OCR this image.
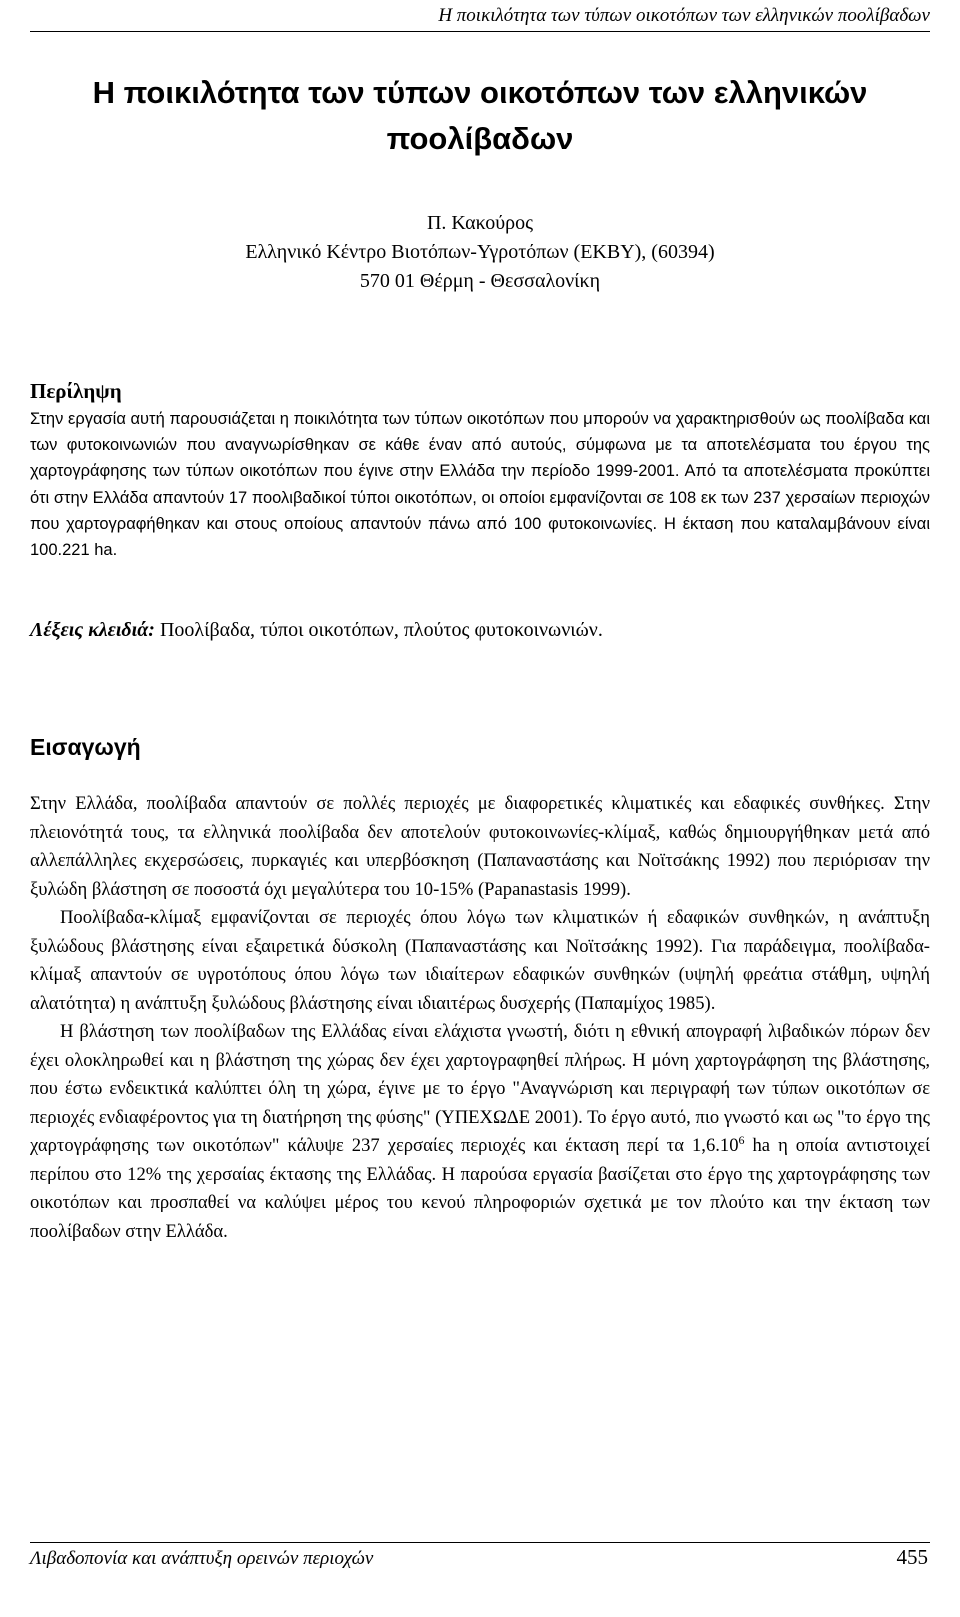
Η ποικιλότητα των τύπων οικοτόπων των ελληνικών ποολίβαδων
Η ποικιλότητα των τύπων οικοτόπων των ελληνικών ποολίβαδων
Π. Κακούρος
Ελληνικό Κέντρο Βιοτόπων-Υγροτόπων (ΕΚΒΥ), (60394)
570 01 Θέρμη - Θεσσαλονίκη
Περίληψη

Στην εργασία αυτή παρουσιάζεται η ποικιλότητα των τύπων οικοτόπων που μπορούν να χαρακτηρισθούν ως ποολίβαδα και των φυτοκοινωνιών που αναγνωρίσθηκαν σε κάθε έναν από αυτούς, σύμφωνα με τα αποτελέσματα του έργου της χαρτογράφησης των τύπων οικοτόπων που έγινε στην Ελλάδα την περίοδο 1999-2001. Από τα αποτελέσματα προκύπτει ότι στην Ελλάδα απαντούν 17 ποολιβαδικοί τύποι οικοτόπων, οι οποίοι εμφανίζονται σε 108 εκ των 237 χερσαίων περιοχών που χαρτογραφήθηκαν και στους οποίους απαντούν πάνω από 100 φυτοκοινωνίες. Η έκταση που καταλαμβάνουν είναι 100.221 ha.

Λέξεις κλειδιά: Ποολίβαδα, τύποι οικοτόπων, πλούτος φυτοκοινωνιών.

Εισαγωγή

Στην Ελλάδα, ποολίβαδα απαντούν σε πολλές περιοχές με διαφορετικές κλιματικές και εδαφικές συνθήκες. Στην πλειονότητά τους, τα ελληνικά ποολίβαδα δεν αποτελούν φυτοκοινωνίες-κλίμαξ, καθώς δημιουργήθηκαν μετά από αλλεπάλληλες εκχερσώσεις, πυρκαγιές και υπερβόσκηση (Παπαναστάσης και Νοϊτσάκης 1992) που περιόρισαν την ξυλώδη βλάστηση σε ποσοστά όχι μεγαλύτερα του 10-15% (Papanastasis 1999).

Ποολίβαδα-κλίμαξ εμφανίζονται σε περιοχές όπου λόγω των κλιματικών ή εδαφικών συνθηκών, η ανάπτυξη ξυλώδους βλάστησης είναι εξαιρετικά δύσκολη (Παπαναστάσης και Νοϊτσάκης 1992). Για παράδειγμα, ποολίβαδα-κλίμαξ απαντούν σε υγροτόπους όπου λόγω των ιδιαίτερων εδαφικών συνθηκών (υψηλή φρεάτια στάθμη, υψηλή αλατότητα) η ανάπτυξη ξυλώδους βλάστησης είναι ιδιαιτέρως δυσχερής (Παπαμίχος 1985).

Η βλάστηση των ποολίβαδων της Ελλάδας είναι ελάχιστα γνωστή, διότι η εθνική απογραφή λιβαδικών πόρων δεν έχει ολοκληρωθεί και η βλάστηση της χώρας δεν έχει χαρτογραφηθεί πλήρως. Η μόνη χαρτογράφηση της βλάστησης, που έστω ενδεικτικά καλύπτει όλη τη χώρα, έγινε με το έργο "Αναγνώριση και περιγραφή των τύπων οικοτόπων σε περιοχές ενδιαφέροντος για τη διατήρηση της φύσης" (ΥΠΕΧΩΔΕ 2001). Το έργο αυτό, πιο γνωστό και ως "το έργο της χαρτογράφησης των οικοτόπων" κάλυψε 237 χερσαίες περιοχές και έκταση περί τα 1,6.10$^6$ ha η οποία αντιστοιχεί περίπου στο 12% της χερσαίας έκτασης της Ελλάδας. Η παρούσα εργασία βασίζεται στο έργο της χαρτογράφησης των οικοτόπων και προσπαθεί να καλύψει μέρος του κενού πληροφοριών σχετικά με τον πλούτο και την έκταση των ποολίβαδων στην Ελλάδα.

Λιβαδοπονία και ανάπτυξη ορεινών περιοχών	455
